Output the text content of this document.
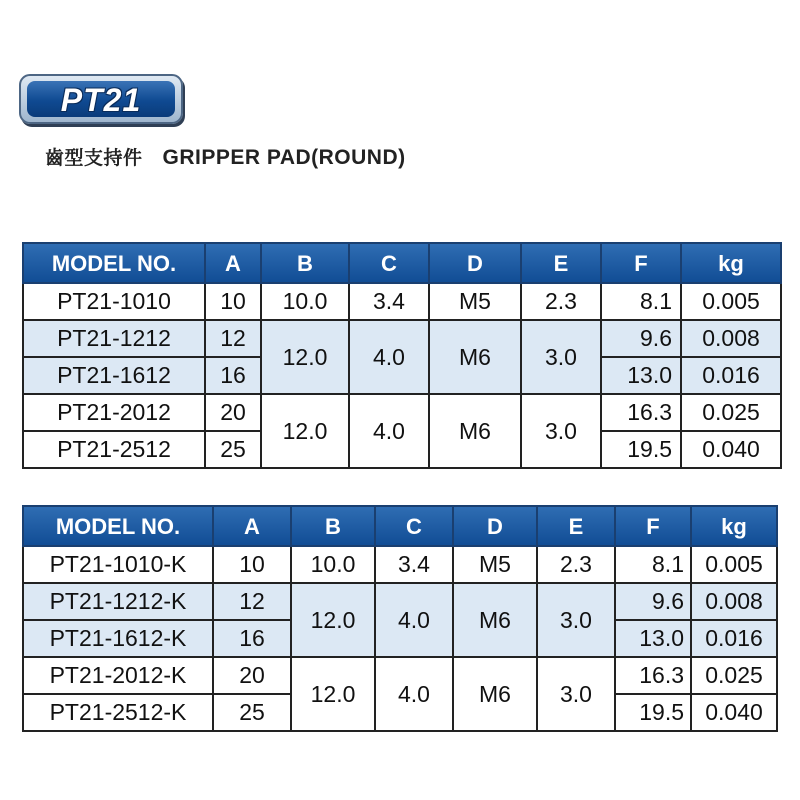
PT21
齒型支持件 GRIPPER PAD(ROUND)
MODEL NO.	A	B	C	D	E	F	kg
PT21-1010	10	10.0	3.4	M5	2.3	8.1	0.005
PT21-1212	12	12.0	4.0	M6	3.0	9.6	0.008
PT21-1612	16					13.0	0.016
PT21-2012	20	12.0	4.0	M6	3.0	16.3	0.025
PT21-2512	25					19.5	0.040
MODEL NO.	A	B	C	D	E	F	kg
PT21-1010-K	10	10.0	3.4	M5	2.3	8.1	0.005
PT21-1212-K	12	12.0	4.0	M6	3.0	9.6	0.008
PT21-1612-K	16					13.0	0.016
PT21-2012-K	20	12.0	4.0	M6	3.0	16.3	0.025
PT21-2512-K	25					19.5	0.040
